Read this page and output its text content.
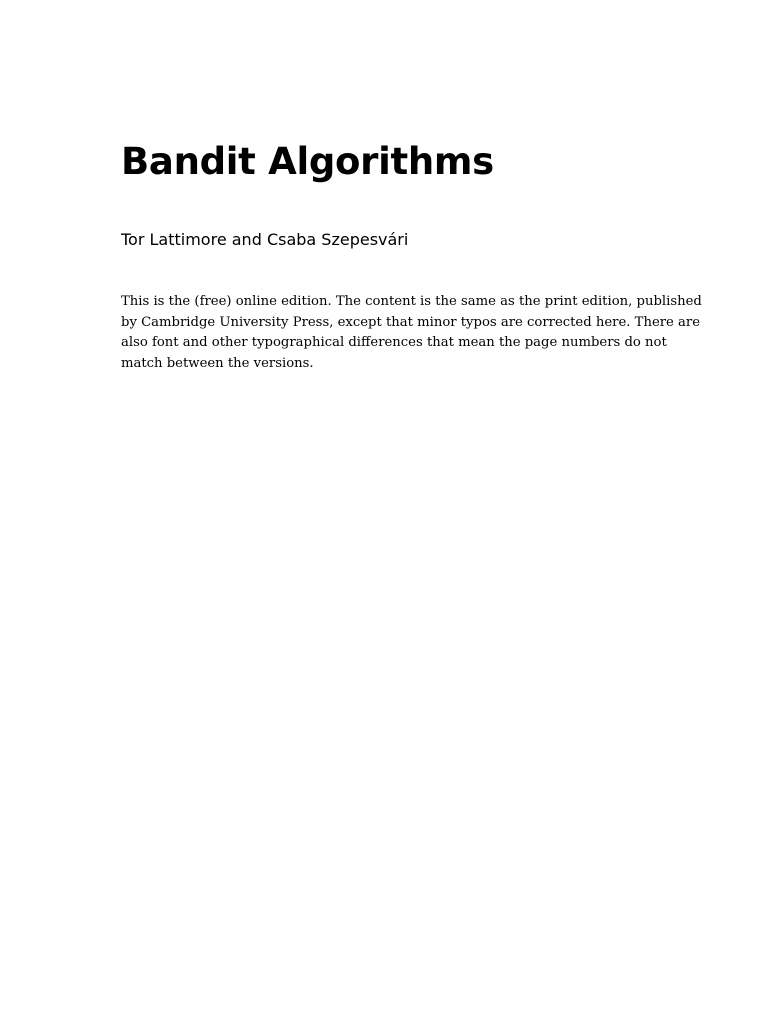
Bandit Algorithms

Tor Lattimore and Csaba Szepesvári

This is the (free) online edition. The content is the same as the print edition, published
by Cambridge University Press, except that minor typos are corrected here. There are
also font and other typographical differences that mean the page numbers do not
match between the versions.
